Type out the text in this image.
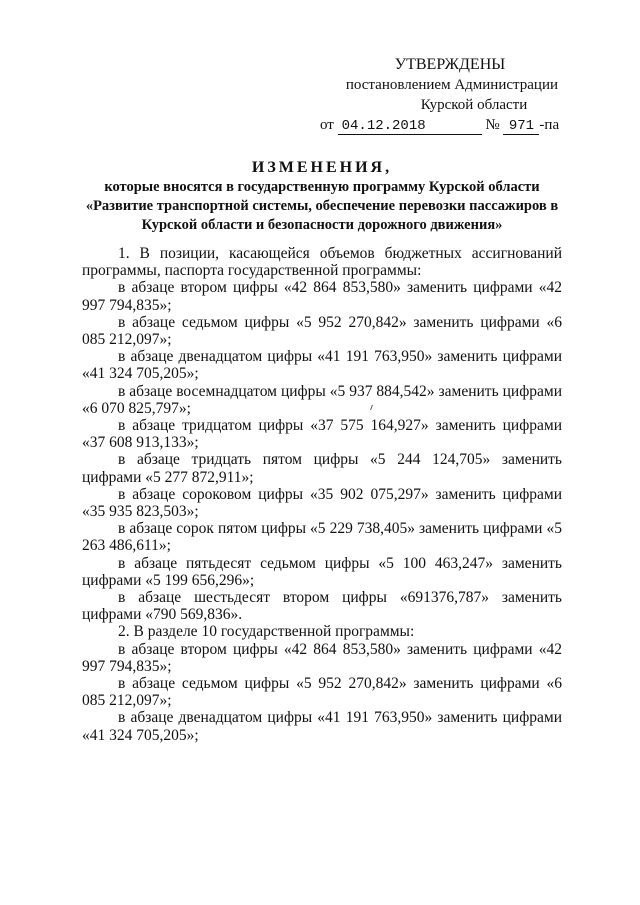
УТВЕРЖДЕНЫ
постановлением Администрации
Курской области
от 04.12.2018	№ 971 -па
ИЗМЕНЕНИЯ,
которые вносятся в государственную программу Курской области «Развитие транспортной системы, обеспечение перевозки пассажиров в Курской области и безопасности дорожного движения»

1. В позиции, касающейся объемов бюджетных ассигнований программы, паспорта государственной программы:

в абзаце втором цифры «42 864 853,580» заменить цифрами «42 997 794,835»;

в абзаце седьмом цифры «5 952 270,842» заменить цифрами «6 085 212,097»;

в абзаце двенадцатом цифры «41 191 763,950» заменить цифрами «41 324 705,205»;

в абзаце восемнадцатом цифры «5 937 884,542» заменить цифрами «6 070 825,797»;

в абзаце тридцатом цифры «37 575 164,927» заменить цифрами «37 608 913,133»;

в абзаце тридцать пятом цифры «5 244 124,705» заменить цифрами «5 277 872,911»;

в абзаце сороковом цифры «35 902 075,297» заменить цифрами «35 935 823,503»;

в абзаце сорок пятом цифры «5 229 738,405» заменить цифрами «5 263 486,611»;

в абзаце пятьдесят седьмом цифры «5 100 463,247» заменить цифрами «5 199 656,296»;

в абзаце шестьдесят втором цифры «691376,787» заменить цифрами «790 569,836».

2. В разделе 10 государственной программы:

в абзаце втором цифры «42 864 853,580» заменить цифрами «42 997 794,835»;

в абзаце седьмом цифры «5 952 270,842» заменить цифрами «6 085 212,097»;

в абзаце двенадцатом цифры «41 191 763,950» заменить цифрами «41 324 705,205»;
